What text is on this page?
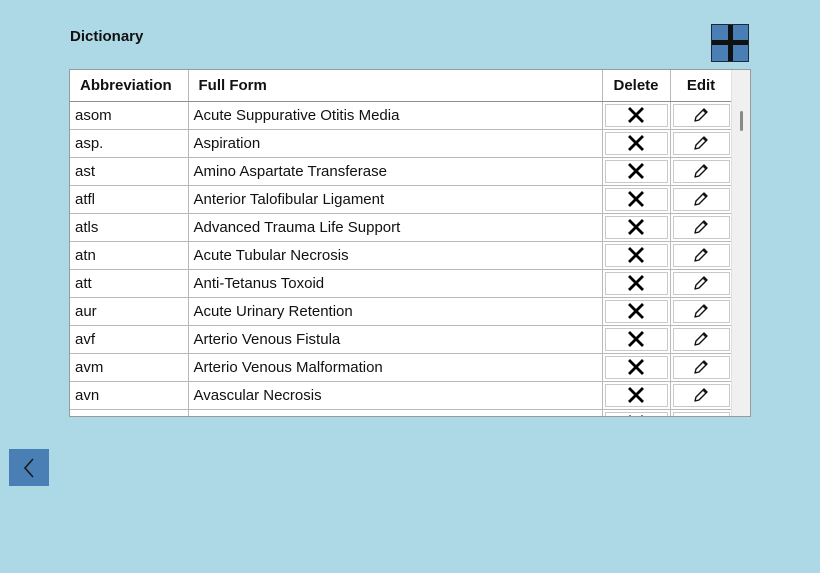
Dictionary
Abbreviation	Full Form	Delete	Edit
asom	Acute Suppurative Otitis Media	

asp.	Aspiration	

ast	Amino Aspartate Transferase	

atfl	Anterior Talofibular Ligament	

atls	Advanced Trauma Life Support	

atn	Acute Tubular Necrosis	

att	Anti-Tetanus Toxoid	

aur	Acute Urinary Retention	

avf	Arterio Venous Fistula	

avm	Arterio Venous Malformation	

avn	Avascular Necrosis	
